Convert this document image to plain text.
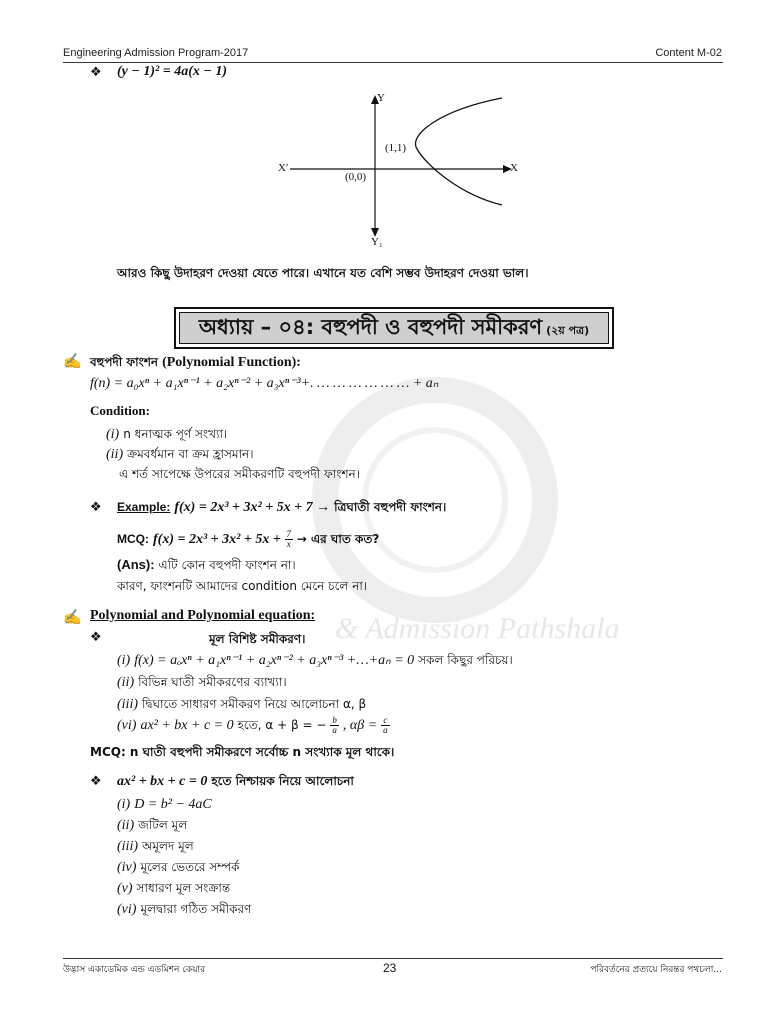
Engineering Admission Program-2017	Content M-02
& Admission Pathshala
❖ (y − 1)² = 4a(x − 1)
Y
Y₁
X
X′
(0,0)
(1,1)
আরও কিছু উদাহরণ দেওয়া যেতে পারে। এখানে যত বেশি সম্ভব উদাহরণ দেওয়া ভাল।
অধ্যায় – ০৪: বহুপদী ও বহুপদী সমীকরণ (২য় পত্র)
✍ বহুপদী ফাংশন (Polynomial Function):
f(n) = a₀xⁿ + a₁xⁿ⁻¹ + a₂xⁿ⁻² + a₃xⁿ⁻³+. … … … … … … + aₙ
Condition:
(i) n ধনাত্মক পূর্ণ সংখ্যা।
(ii) ক্রমবর্ধমান বা ক্রম হ্রাসমান।
এ শর্ত সাপেক্ষে উপরের সমীকরণটি বহুপদী ফাংশন।
❖ Example: f(x) = 2x³ + 3x² + 5x + 7 → ত্রিঘাতী বহুপদী ফাংশন।
MCQ: $f(x) = 2x^3 + 3x^2 + 5x + \frac{7}{x}$ → এর ঘাত কত?
(Ans): এটি কোন বহুপদী ফাংশন না।
কারণ, ফাংশনটি আমাদের condition মেনে চলে না।
✍ Polynomial and Polynomial equation:
❖	মূল বিশিষ্ট সমীকরণ।
(i) f(x) = aₒxⁿ + a₁xⁿ⁻¹ + a₂xⁿ⁻² + a₃xⁿ⁻³ +…+aₙ = 0 সকল কিছুর পরিচয়।
(ii) বিভিন্ন ঘাতী সমীকরণের ব্যাখ্যা।
(iii) দ্বিঘাতে সাধারণ সমীকরণ নিয়ে আলোচনা α, β
(vi) ax² + bx + c = 0 হতে, α + β = − $\frac{b}{a}$ , $\alpha\beta = \frac{c}{a}$
MCQ: n ঘাতী বহুপদী সমীকরণে সর্বোচ্চ n সংখ্যাক মূল থাকে।
❖ ax² + bx + c = 0 হতে নিশ্চায়ক নিয়ে আলোচনা
(i) D = b² − 4aC
(ii) জটিল মূল
(iii) অমূলদ মূল
(iv) মূলের ভেতরে সম্পর্ক
(v) সাধারণ মূল সংক্রান্ত
(vi) মূলদ্বারা গঠিত সমীকরণ
উদ্ভাস একাডেমিক এন্ড এডমিশন কেয়ার	23	পরিবর্তনের প্রত্যয়ে নিরন্তর পথচলা...
